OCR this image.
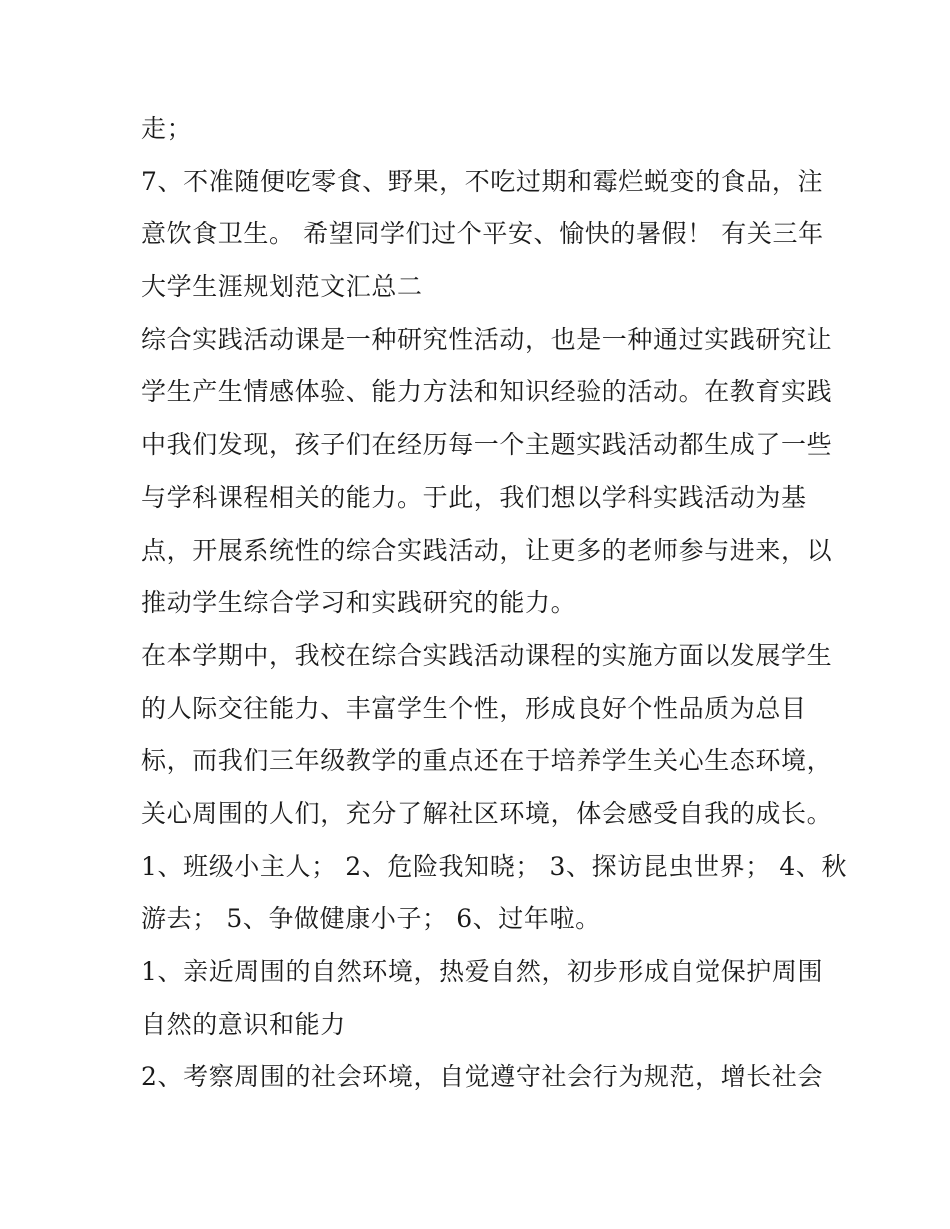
走；
7、不准随便吃零食、野果，不吃过期和霉烂蜕变的食品，注
意饮食卫生。 希望同学们过个平安、愉快的暑假！ 有关三年
大学生涯规划范文汇总二
综合实践活动课是一种研究性活动，也是一种通过实践研究让
学生产生情感体验、能力方法和知识经验的活动。在教育实践
中我们发现，孩子们在经历每一个主题实践活动都生成了一些
与学科课程相关的能力。于此，我们想以学科实践活动为基
点，开展系统性的综合实践活动，让更多的老师参与进来，以
推动学生综合学习和实践研究的能力。
在本学期中，我校在综合实践活动课程的实施方面以发展学生
的人际交往能力、丰富学生个性，形成良好个性品质为总目
标，而我们三年级教学的重点还在于培养学生关心生态环境，
关心周围的人们，充分了解社区环境，体会感受自我的成长。
1、班级小主人； 2、危险我知晓； 3、探访昆虫世界； 4、秋
游去； 5、争做健康小子； 6、过年啦。
1、亲近周围的自然环境，热爱自然，初步形成自觉保护周围
自然的意识和能力
2、考察周围的社会环境，自觉遵守社会行为规范，增长社会
